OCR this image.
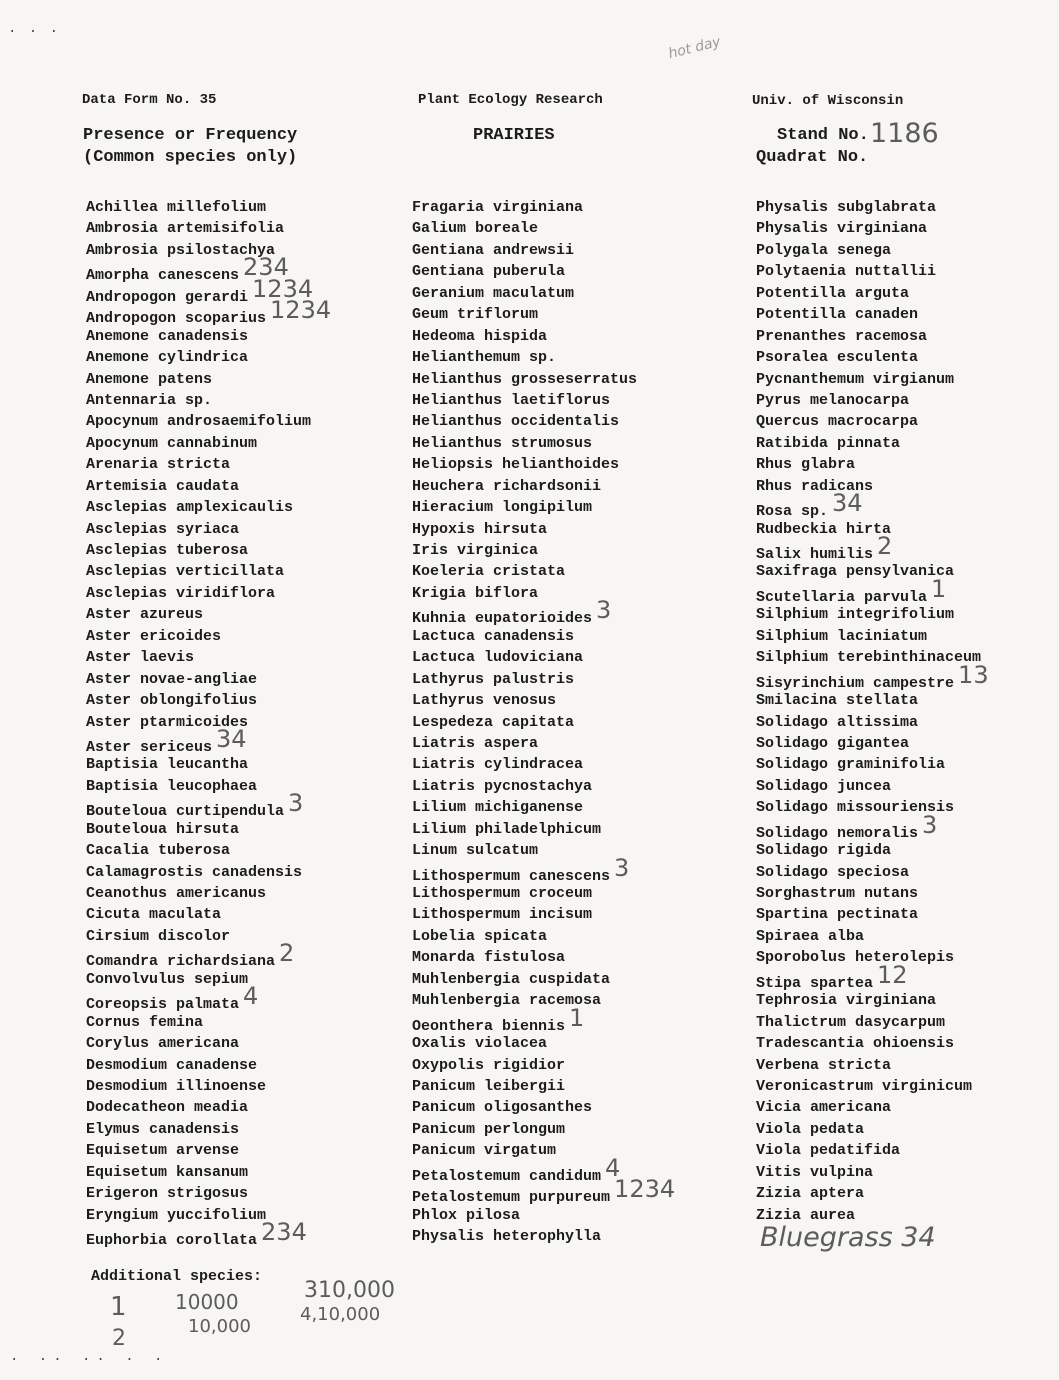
Data Form No. 35	Plant Ecology Research	Univ. of Wisconsin
Presence or Frequency
(Common species only)
PRAIRIES	Stand No. 1186
Quadrat No.
hot day
Achillea millefolium
Ambrosia artemisifolia
Ambrosia psilostachya
Amorpha canescens 234
Andropogon gerardi 1234
Andropogon scoparius 1234
Anemone canadensis
Anemone cylindrica
Anemone patens
Antennaria sp.
Apocynum androsaemifolium
Apocynum cannabinum
Arenaria stricta
Artemisia caudata
Asclepias amplexicaulis
Asclepias syriaca
Asclepias tuberosa
Asclepias verticillata
Asclepias viridiflora
Aster azureus
Aster ericoides
Aster laevis
Aster novae-angliae
Aster oblongifolius
Aster ptarmicoides
Aster sericeus 34
Baptisia leucantha
Baptisia leucophaea
Bouteloua curtipendula 3
Bouteloua hirsuta
Cacalia tuberosa
Calamagrostis canadensis
Ceanothus americanus
Cicuta maculata
Cirsium discolor
Comandra richardsiana 2
Convolvulus sepium
Coreopsis palmata 4
Cornus femina
Corylus americana
Desmodium canadense
Desmodium illinoense
Dodecatheon meadia
Elymus canadensis
Equisetum arvense
Equisetum kansanum
Erigeron strigosus
Eryngium yuccifolium
Euphorbia corollata 234
Fragaria virginiana
Galium boreale
Gentiana andrewsii
Gentiana puberula
Geranium maculatum
Geum triflorum
Hedeoma hispida
Helianthemum sp.
Helianthus grosseserratus
Helianthus laetiflorus
Helianthus occidentalis
Helianthus strumosus
Heliopsis helianthoides
Heuchera richardsonii
Hieracium longipilum
Hypoxis hirsuta
Iris virginica
Koeleria cristata
Krigia biflora
Kuhnia eupatorioides 3
Lactuca canadensis
Lactuca ludoviciana
Lathyrus palustris
Lathyrus venosus
Lespedeza capitata
Liatris aspera
Liatris cylindracea
Liatris pycnostachya
Lilium michiganense
Lilium philadelphicum
Linum sulcatum
Lithospermum canescens 3
Lithospermum croceum
Lithospermum incisum
Lobelia spicata
Monarda fistulosa
Muhlenbergia cuspidata
Muhlenbergia racemosa
Oeonthera biennis 1
Oxalis violacea
Oxypolis rigidior
Panicum leibergii
Panicum oligosanthes
Panicum perlongum
Panicum virgatum
Petalostemum candidum 4
Petalostemum purpureum 1234
Phlox pilosa
Physalis heterophylla
Physalis subglabrata
Physalis virginiana
Polygala senega
Polytaenia nuttallii
Potentilla arguta
Potentilla canaden
Prenanthes racemosa
Psoralea esculenta
Pycnanthemum virgianum
Pyrus melanocarpa
Quercus macrocarpa
Ratibida pinnata
Rhus glabra
Rhus radicans
Rosa sp. 34
Rudbeckia hirta
Salix humilis 2
Saxifraga pensylvanica
Scutellaria parvula 1
Silphium integrifolium
Silphium laciniatum
Silphium terebinthinaceum
Sisyrinchium campestre 13
Smilacina stellata
Solidago altissima
Solidago gigantea
Solidago graminifolia
Solidago juncea
Solidago missouriensis
Solidago nemoralis 3
Solidago rigida
Solidago speciosa
Sorghastrum nutans
Spartina pectinata
Spiraea alba
Sporobolus heterolepis
Stipa spartea 12
Tephrosia virginiana
Thalictrum dasycarpum
Tradescantia ohioensis
Verbena stricta
Veronicastrum virginicum
Vicia americana
Viola pedata
Viola pedatifida
Vitis vulpina
Zizia aptera
Zizia aurea
Bluegrass 34
Additional species:
1 10000	310,000
2	10,000
4,10,000
· ·· ·· · ·
· · ·
